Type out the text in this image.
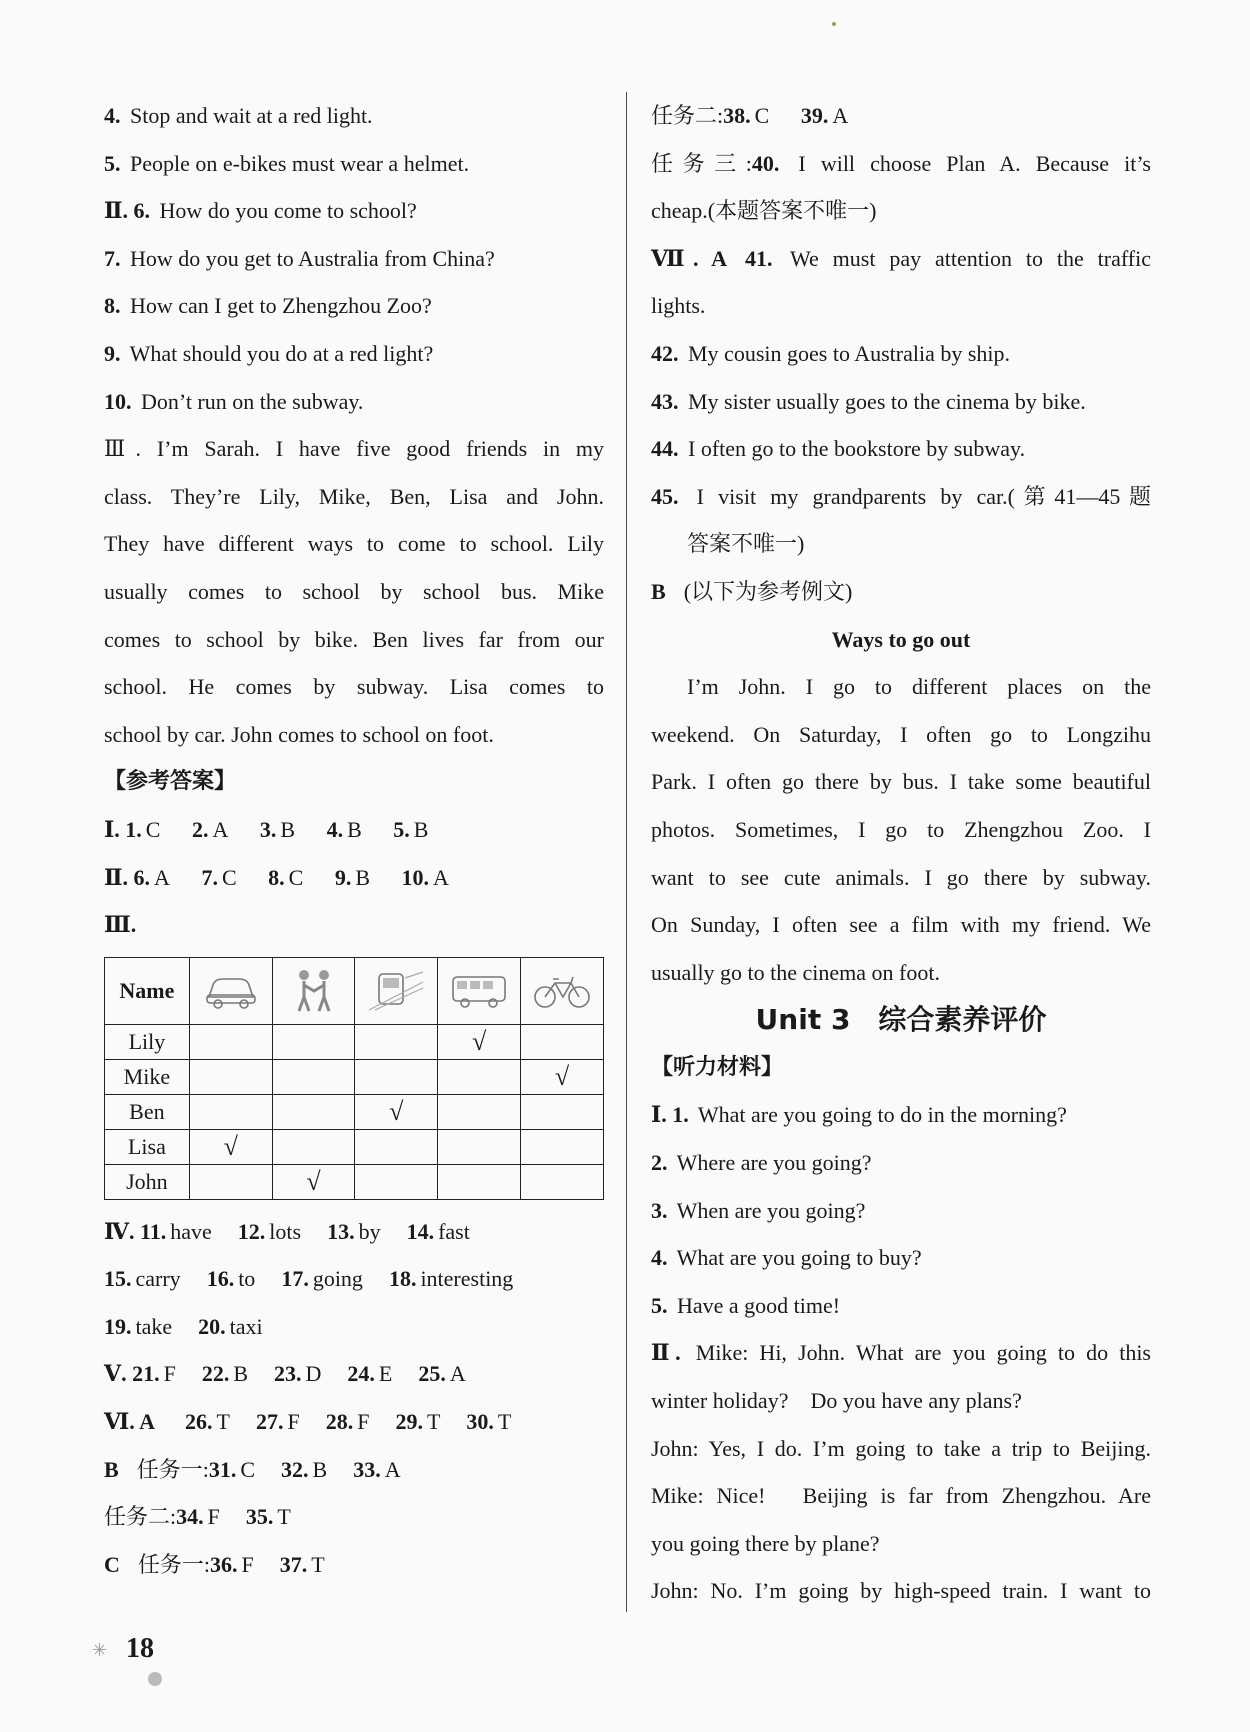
4. Stop and wait at a red light.
5. People on e-bikes must wear a helmet.
Ⅱ. 6. How do you come to school?
7. How do you get to Australia from China?
8. How can I get to Zhengzhou Zoo?
9. What should you do at a red light?
10. Don’t run on the subway.
Ⅲ. I’m Sarah. I have five good friends in my
class. They’re Lily, Mike, Ben, Lisa and John.
They have different ways to come to school. Lily
usually comes to school by school bus. Mike
comes to school by bike. Ben lives far from our
school. He comes by subway. Lisa comes to
school by car. John comes to school on foot.
【参考答案】
Ⅰ. 1. C 2. A 3. B 4. B 5. B
Ⅱ. 6. A 7. C 8. C 9. B 10. A
Ⅲ.
Name	

Lily				√	
Mike					√
Ben			√		
Lisa	√				
John		√			
Ⅳ. 11. have 12. lots 13. by 14. fast
15. carry 16. to 17. going 18. interesting
19. take 20. taxi
Ⅴ. 21. F 22. B 23. D 24. E 25. A
Ⅵ. A 26. T 27. F 28. F 29. T 30. T
B 任务一:31. C 32. B 33. A
任务二:34. F 35. T
C 任务一:36. F 37. T
任务二:38. C 39. A
任务三:40. I will choose Plan A. Because it’s
cheap.(本题答案不唯一)
Ⅶ. A 41. We must pay attention to the traffic
lights.
42. My cousin goes to Australia by ship.
43. My sister usually goes to the cinema by bike.
44. I often go to the bookstore by subway.
45. I visit my grandparents by car.(第41—45题
答案不唯一)
B (以下为参考例文)
Ways to go out
I’m John. I go to different places on the
weekend. On Saturday, I often go to Longzihu
Park. I often go there by bus. I take some beautiful
photos. Sometimes, I go to Zhengzhou Zoo. I
want to see cute animals. I go there by subway.
On Sunday, I often see a film with my friend. We
usually go to the cinema on foot.
Unit 3　综合素养评价
【听力材料】
Ⅰ. 1. What are you going to do in the morning?
2. Where are you going?
3. When are you going?
4. What are you going to buy?
5. Have a good time!
Ⅱ. Mike: Hi, John. What are you going to do this
winter holiday?　Do you have any plans?
John: Yes, I do. I’m going to take a trip to Beijing.
Mike: Nice!　Beijing is far from Zhengzhou. Are
you going there by plane?
John: No. I’m going by high-speed train. I want to
✳ 18
